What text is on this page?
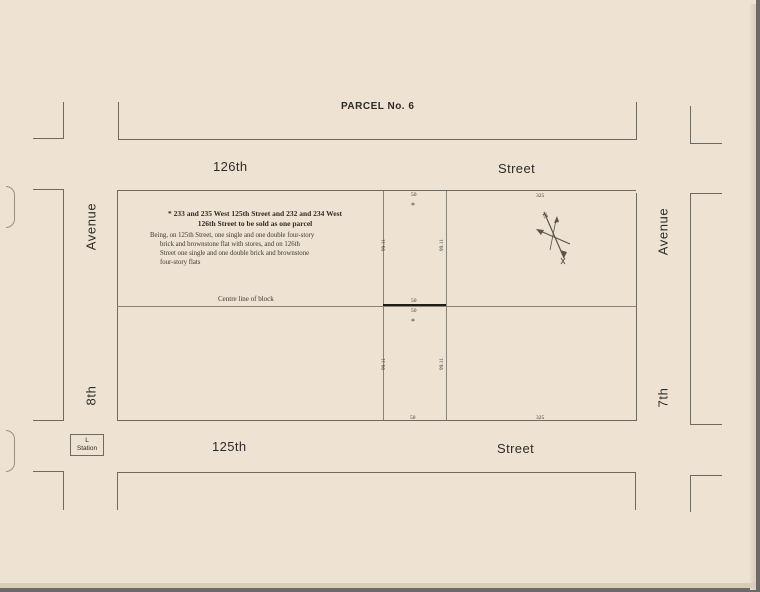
PARCEL No. 6
126th	Street
125th	Street
Avenue
8th
Avenue
7th
L
Station
* 233 and 235 West 125th Street and 232 and 234 West
126th Street to be sold as one parcel
Being, on 125th Street, one single and one double four-story
brick and brownstone flat with stores, and on 126th
Street one single and one double brick and brownstone
four-story flats
Centre line of block
50	325
99.11	99.11
50
50
99.11	99.11
50	325
*
*
N
